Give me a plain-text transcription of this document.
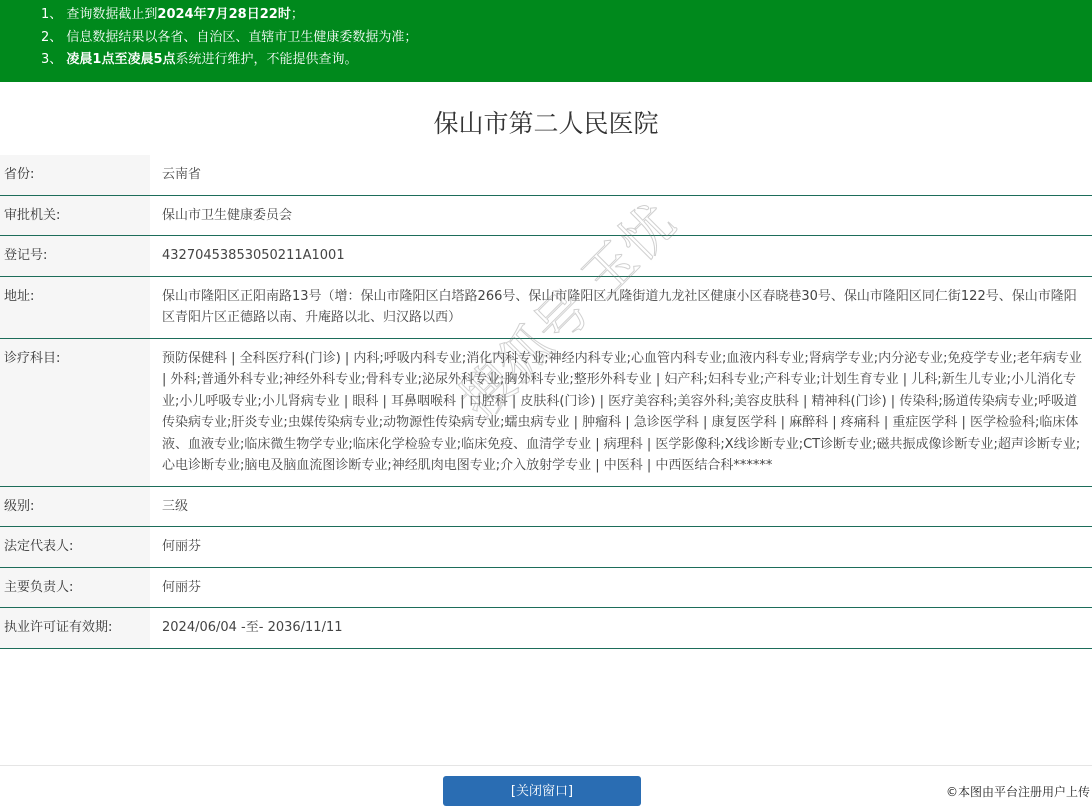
1、 查询数据截止到2024年7月28日22时；
2、 信息数据结果以各省、自治区、直辖市卫生健康委数据为准；
3、 凌晨1点至凌晨5点系统进行维护，不能提供查询。
保山市第二人民医院
省份:	云南省
审批机关:	保山市卫生健康委员会
登记号:	43270453853050211A1001
地址:	保山市隆阳区正阳南路13号（增：保山市隆阳区白塔路266号、保山市隆阳区九隆街道九龙社区健康小区春晓巷30号、保山市隆阳区同仁街122号、保山市隆阳区青阳片区正德路以南、升庵路以北、归汉路以西）
诊疗科目:	预防保健科 | 全科医疗科(门诊) | 内科;呼吸内科专业;消化内科专业;神经内科专业;心血管内科专业;血液内科专业;肾病学专业;内分泌专业;免疫学专业;老年病专业 | 外科;普通外科专业;神经外科专业;骨科专业;泌尿外科专业;胸外科专业;整形外科专业 | 妇产科;妇科专业;产科专业;计划生育专业 | 儿科;新生儿专业;小儿消化专业;小儿呼吸专业;小儿肾病专业 | 眼科 | 耳鼻咽喉科 | 口腔科 | 皮肤科(门诊) | 医疗美容科;美容外科;美容皮肤科 | 精神科(门诊) | 传染科;肠道传染病专业;呼吸道传染病专业;肝炎专业;虫媒传染病专业;动物源性传染病专业;蠕虫病专业 | 肿瘤科 | 急诊医学科 | 康复医学科 | 麻醉科 | 疼痛科 | 重症医学科 | 医学检验科;临床体液、血液专业;临床微生物学专业;临床化学检验专业;临床免疫、血清学专业 | 病理科 | 医学影像科;X线诊断专业;CT诊断专业;磁共振成像诊断专业;超声诊断专业;心电诊断专业;脑电及脑血流图诊断专业;神经肌肉电图专业;介入放射学专业 | 中医科 | 中西医结合科******
级别:	三级
法定代表人:	何丽芬
主要负责人:	何丽芬
执业许可证有效期:	2024/06/04 -至- 2036/11/11
搜狐号 玉忧
[关闭窗口]	©本图由平台注册用户上传
